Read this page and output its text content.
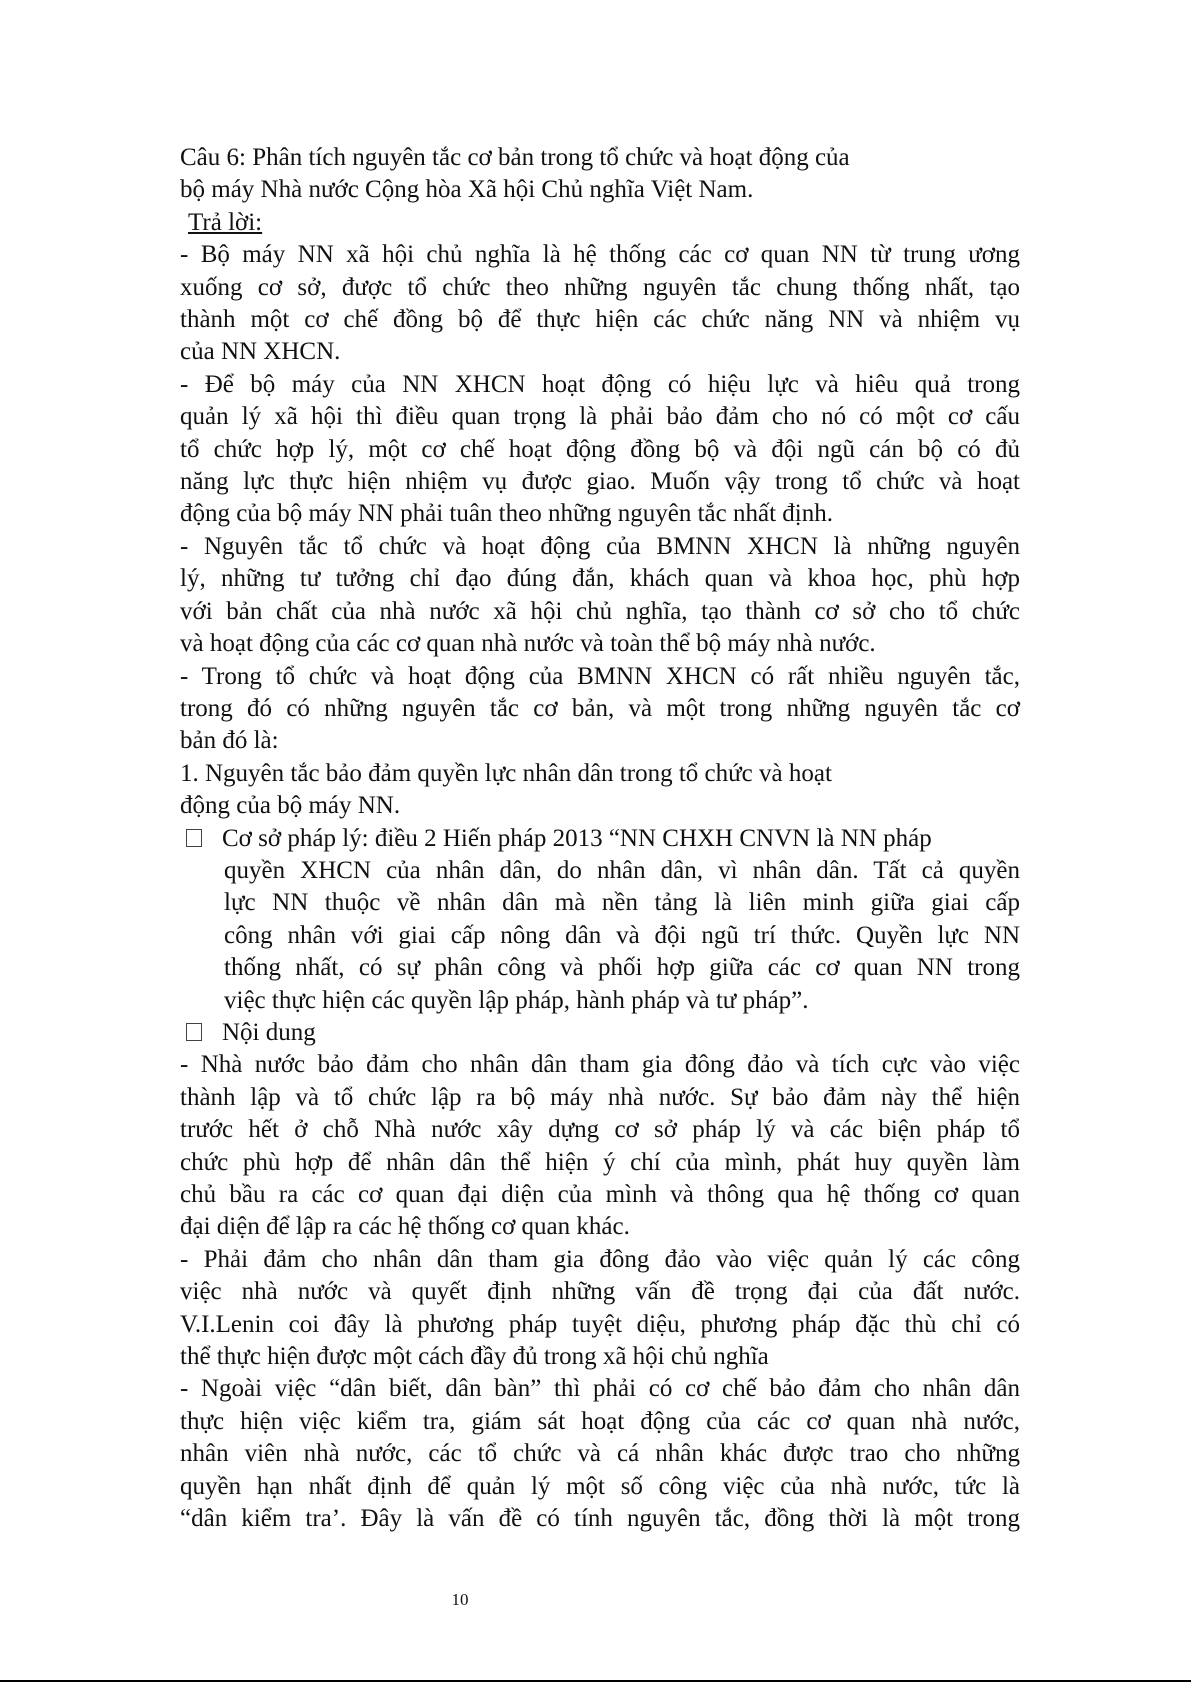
Câu 6: Phân tích nguyên tắc cơ bản trong tổ chức và hoạt động của
bộ máy Nhà nước Cộng hòa Xã hội Chủ nghĩa Việt Nam.
Trả lời:
- Bộ máy NN xã hội chủ nghĩa là hệ thống các cơ quan NN từ trung ương
xuống cơ sở, được tổ chức theo những nguyên tắc chung thống nhất, tạo
thành một cơ chế đồng bộ để thực hiện các chức năng NN và nhiệm vụ
của NN XHCN.
- Để bộ máy của NN XHCN hoạt động có hiệu lực và hiêu quả trong
quản lý xã hội thì điều quan trọng là phải bảo đảm cho nó có một cơ cấu
tổ chức hợp lý, một cơ chế hoạt động đồng bộ và đội ngũ cán bộ có đủ
năng lực thực hiện nhiệm vụ được giao. Muốn vậy trong tổ chức và hoạt
động của bộ máy NN phải tuân theo những nguyên tắc nhất định.
- Nguyên tắc tổ chức và hoạt động của BMNN XHCN là những nguyên
lý, những tư tưởng chỉ đạo đúng đắn, khách quan và khoa học, phù hợp
với bản chất của nhà nước xã hội chủ nghĩa, tạo thành cơ sở cho tổ chức
và hoạt động của các cơ quan nhà nước và toàn thể bộ máy nhà nước.
- Trong tổ chức và hoạt động của BMNN XHCN có rất nhiều nguyên tắc,
trong đó có những nguyên tắc cơ bản, và một trong những nguyên tắc cơ
bản đó là:
1. Nguyên tắc bảo đảm quyền lực nhân dân trong tổ chức và hoạt
động của bộ máy NN.
Cơ sở pháp lý: điều 2 Hiến pháp 2013 “NN CHXH CNVN là NN pháp
quyền XHCN của nhân dân, do nhân dân, vì nhân dân. Tất cả quyền
lực NN thuộc về nhân dân mà nền tảng là liên minh giữa giai cấp
công nhân với giai cấp nông dân và đội ngũ trí thức. Quyền lực NN
thống nhất, có sự phân công và phối hợp giữa các cơ quan NN trong
việc thực hiện các quyền lập pháp, hành pháp và tư pháp”.
Nội dung
- Nhà nước bảo đảm cho nhân dân tham gia đông đảo và tích cực vào việc
thành lập và tổ chức lập ra bộ máy nhà nước. Sự bảo đảm này thể hiện
trước hết ở chỗ Nhà nước xây dựng cơ sở pháp lý và các biện pháp tổ
chức phù hợp để nhân dân thể hiện ý chí của mình, phát huy quyền làm
chủ bầu ra các cơ quan đại diện của mình và thông qua hệ thống cơ quan
đại diện để lập ra các hệ thống cơ quan khác.
- Phải đảm cho nhân dân tham gia đông đảo vào việc quản lý các công
việc nhà nước và quyết định những vấn đề trọng đại của đất nước.
V.I.Lenin coi đây là phương pháp tuyệt diệu, phương pháp đặc thù chỉ có
thể thực hiện được một cách đầy đủ trong xã hội chủ nghĩa
- Ngoài việc “dân biết, dân bàn” thì phải có cơ chế bảo đảm cho nhân dân
thực hiện việc kiểm tra, giám sát hoạt động của các cơ quan nhà nước,
nhân viên nhà nước, các tổ chức và cá nhân khác được trao cho những
quyền hạn nhất định để quản lý một số công việc của nhà nước, tức là
“dân kiểm tra’. Đây là vấn đề có tính nguyên tắc, đồng thời là một trong
10
